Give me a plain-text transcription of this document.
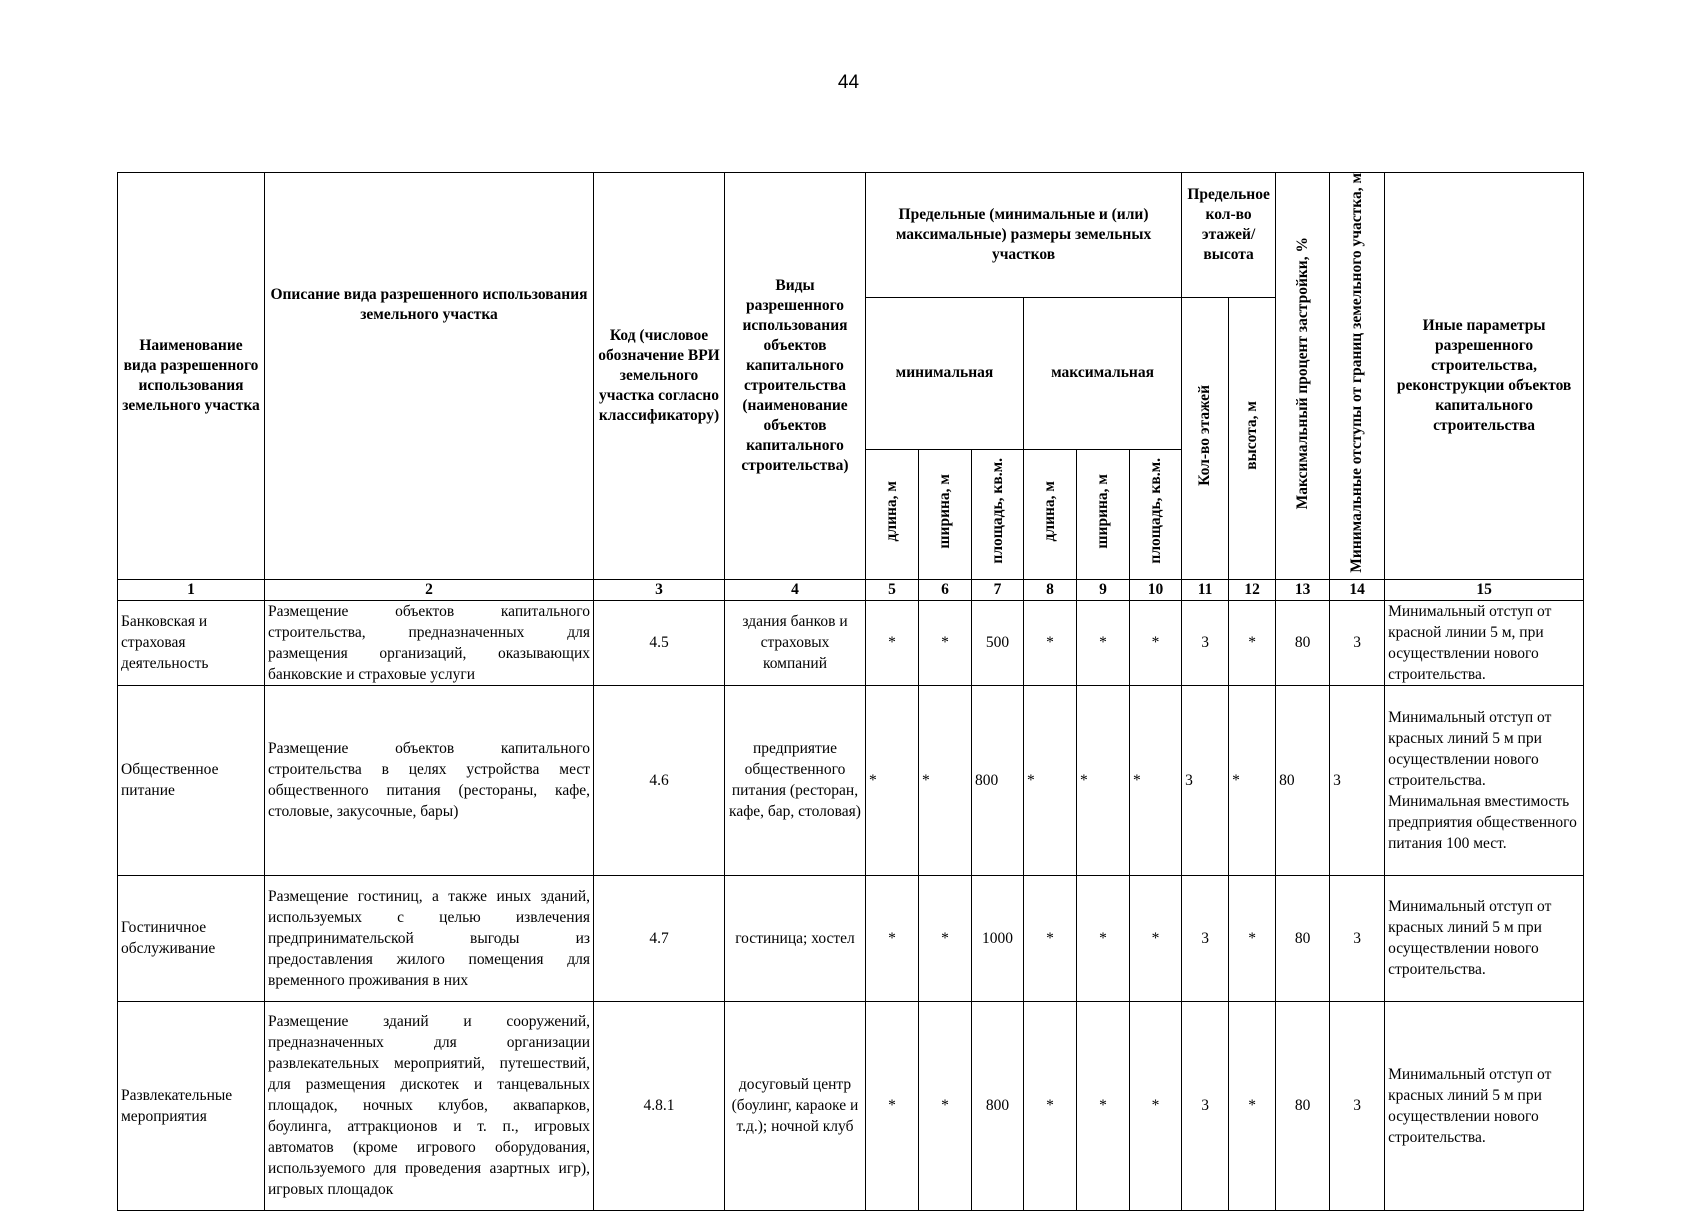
44
Наименование вида разрешенного использования земельного участка	Описание вида разрешенного использования земельного участка	Код (числовое обозначение ВРИ земельного участка согласно классификатору)	Виды разрешенного использования объектов капитального строительства (наименование объектов капитального строительства)	Предельные (минимальные и (или) максимальные) размеры земельных участков						Предельное кол-во этажей/ высота		Максимальный процент застройки, %	Минимальные отступы от границ земельного участка, м	Иные параметры разрешенного строительства, реконструкции объектов капитального строительства
				минимальная			максимальная			Кол-во этажей	высота, м			
				длина, м	ширина, м	площадь, кв.м.	длина, м	ширина, м	площадь, кв.м.					
1	2	3	4	5	6	7	8	9	10	11	12	13	14	15
Банковская и страховая деятельность	Размещение объектов капитального строительства, предназначенных для размещения организаций, оказывающих банковские и страховые услуги	4.5	здания банков и страховых компаний	*	*	500	*	*	*	3	*	80	3	Минимальный отступ от красной линии 5 м, при осуществлении нового строительства.
Общественное питание	Размещение объектов капитального строительства в целях устройства мест общественного питания (рестораны, кафе, столовые, закусочные, бары)	4.6	предприятие общественного питания (ресторан, кафе, бар, столовая)	*	*	800	*	*	*	3	*	80	3	Минимальный отступ от красных линий 5 м при осуществлении нового строительства. Минимальная вместимость предприятия общественного питания 100 мест.
Гостиничное обслуживание	Размещение гостиниц, а также иных зданий, используемых с целью извлечения предпринимательской выгоды из предоставления жилого помещения для временного проживания в них	4.7	гостиница; хостел	*	*	1000	*	*	*	3	*	80	3	Минимальный отступ от красных линий 5 м при осуществлении нового строительства.
Развлекательные мероприятия	Размещение зданий и сооружений, предназначенных для организации развлекательных мероприятий, путешествий, для размещения дискотек и танцевальных площадок, ночных клубов, аквапарков, боулинга, аттракционов и т. п., игровых автоматов (кроме игрового оборудования, используемого для проведения азартных игр), игровых площадок	4.8.1	досуговый центр (боулинг, караоке и т.д.); ночной клуб	*	*	800	*	*	*	3	*	80	3	Минимальный отступ от красных линий 5 м при осуществлении нового строительства.
